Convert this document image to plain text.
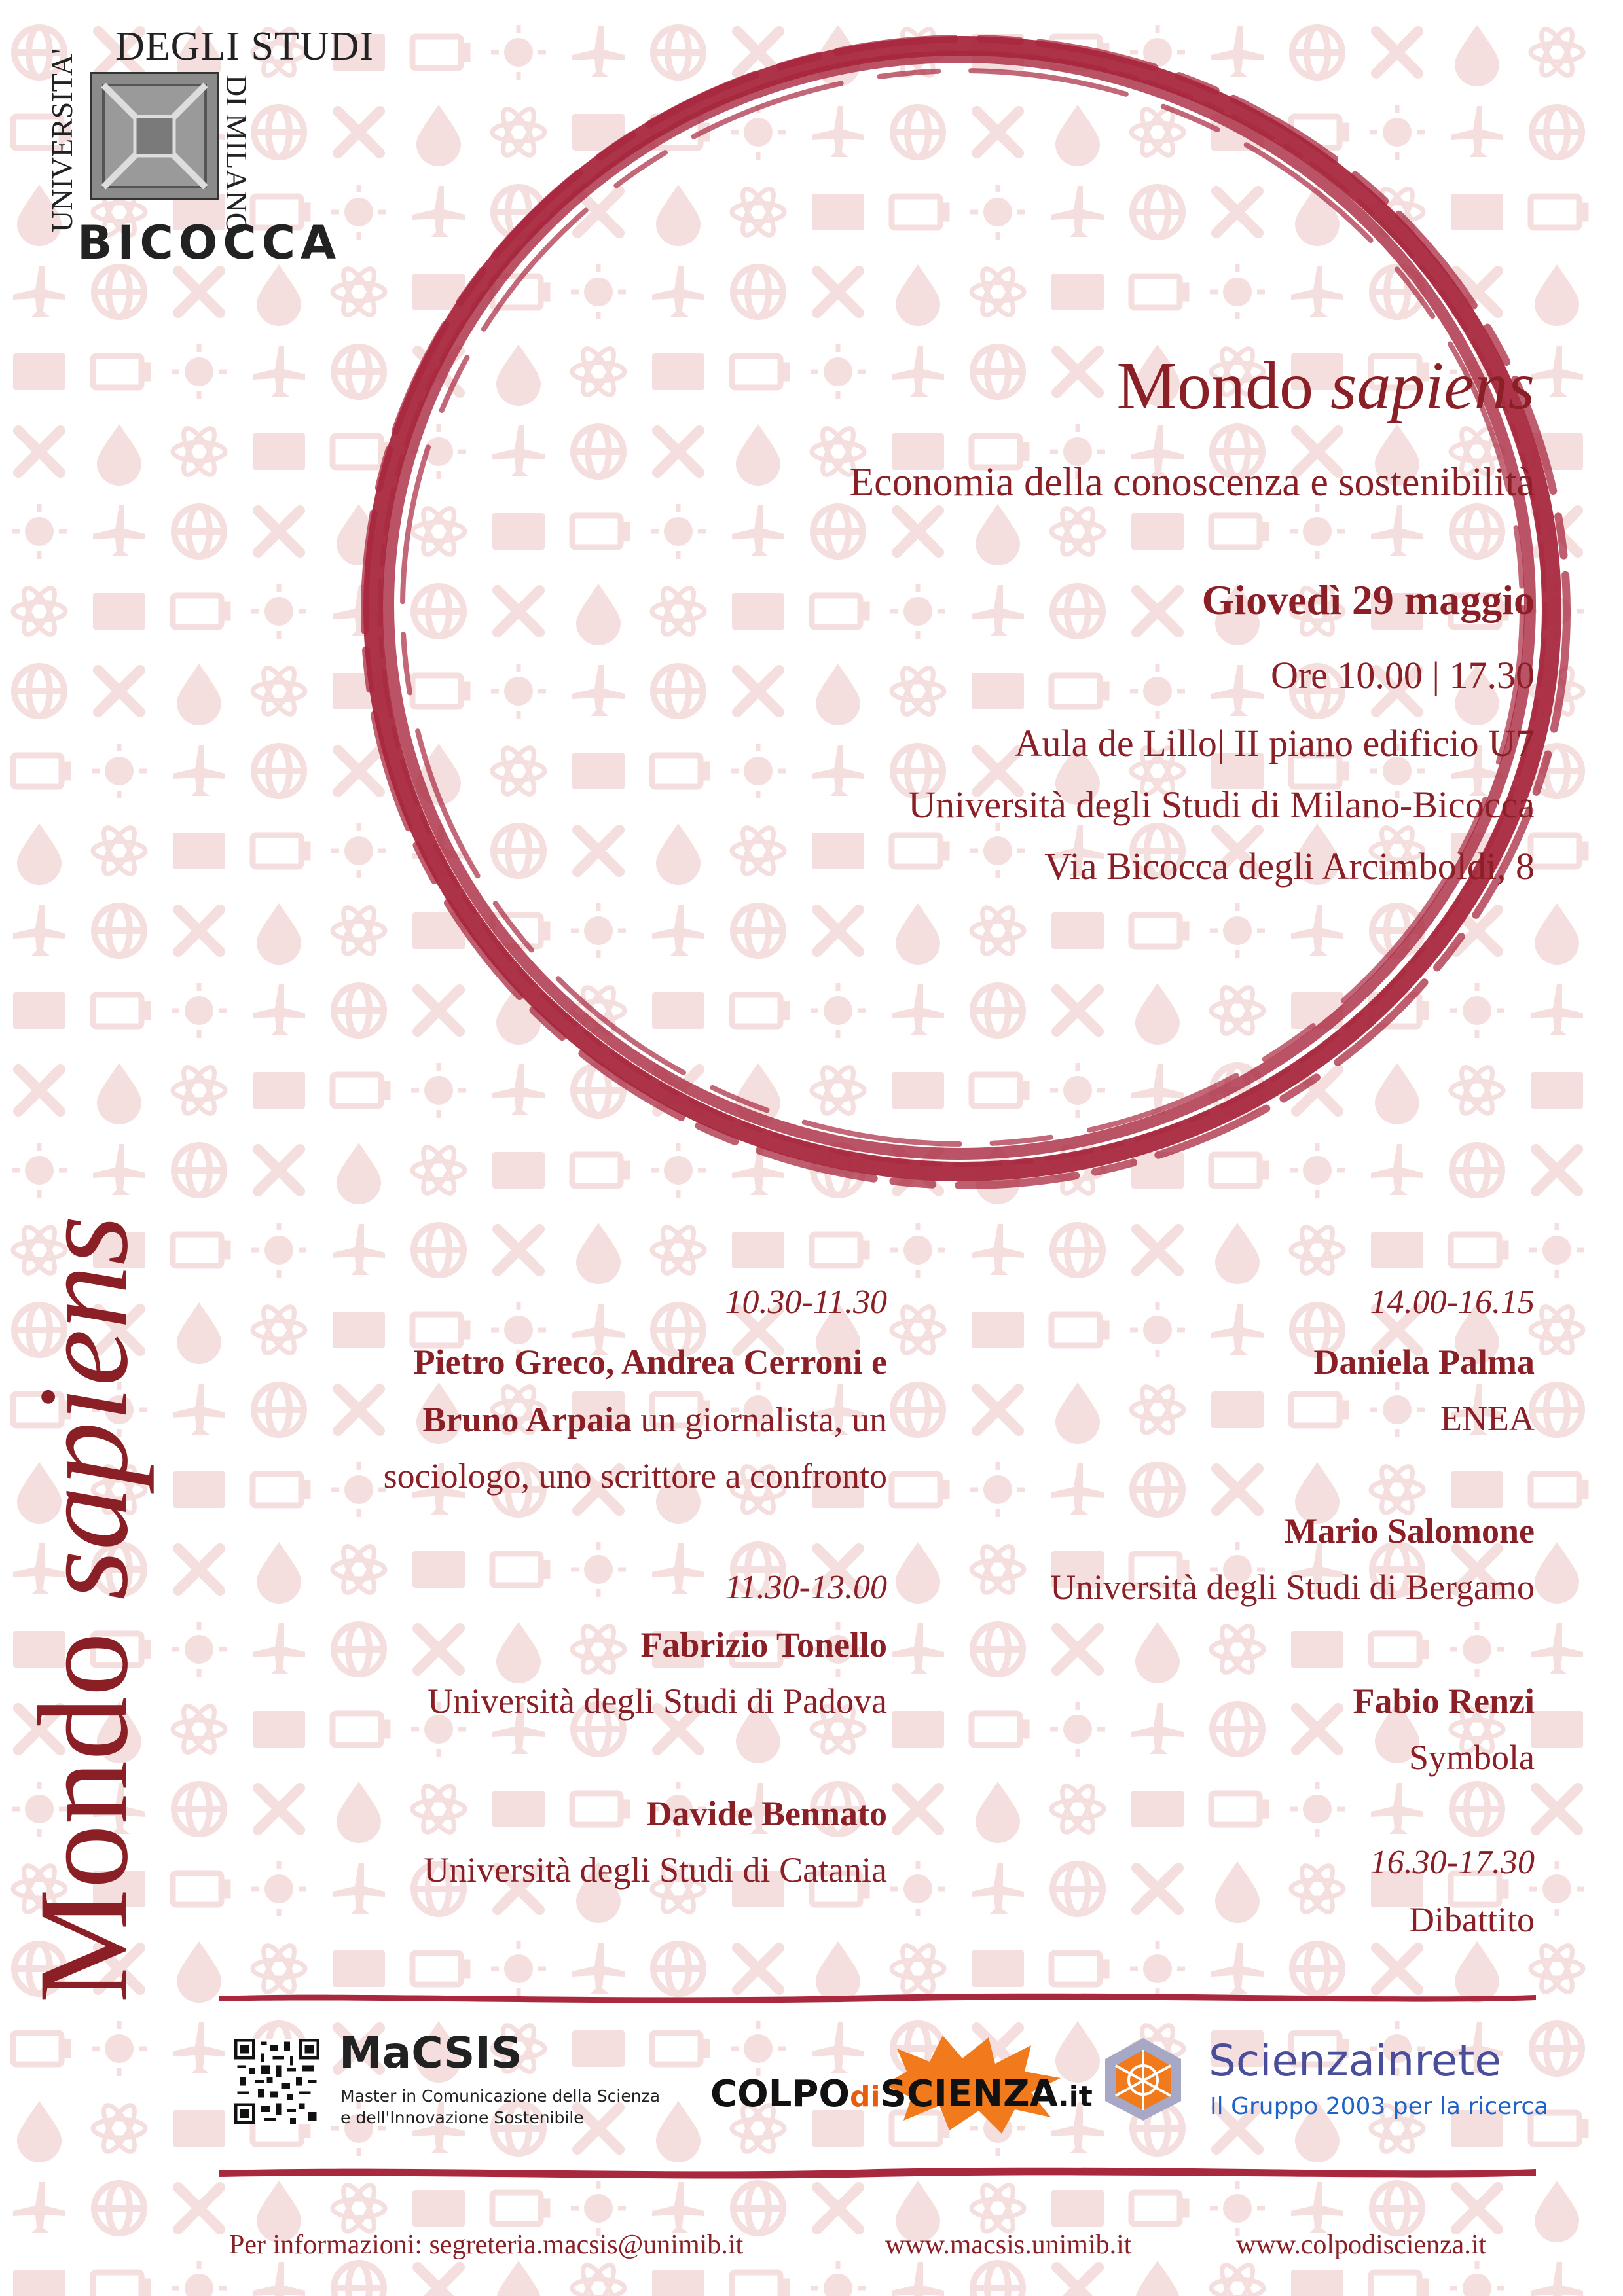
DEGLI STUDI
UNIVERSITA'	DI MILANO
BICOCCA
Mondo sapiens
Mondo sapiens
Economia della conoscenza e sostenibilità
Giovedì 29 maggio
Ore 10.00 | 17.30
Aula de Lillo| II piano edificio U7
Università degli Studi di Milano-Bicocca
Via Bicocca degli Arcimboldi, 8
10.30-11.30
Pietro Greco, Andrea Cerroni e
Bruno Arpaia un giornalista, un
sociologo, uno scrittore a confronto
11.30-13.00
Fabrizio Tonello
Università degli Studi di Padova
Davide Bennato
Università degli Studi di Catania
14.00-16.15
Daniela Palma
ENEA
Mario Salomone
Università degli Studi di Bergamo
Fabio Renzi
Symbola
16.30-17.30
Dibattito
MaCSIS
Master in Comunicazione della Scienza
e dell'Innovazione Sostenibile
COLPOdiSCIENZA.it
Scienzainrete
Il Gruppo 2003 per la ricerca
Per informazioni: segreteria.macsis@unimib.it	www.macsis.unimib.it	www.colpodiscienza.it
